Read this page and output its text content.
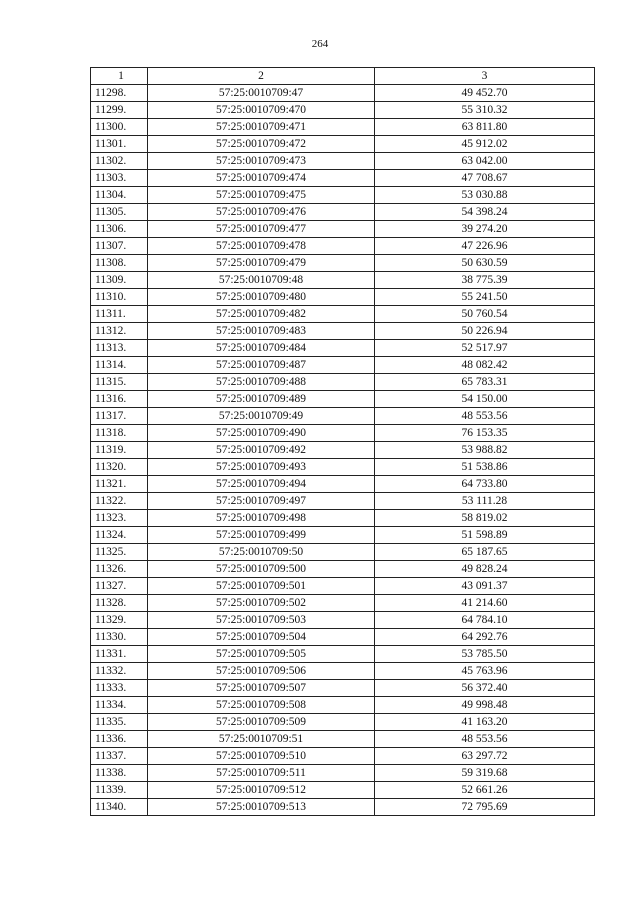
264
1	2	3
11298.	57:25:0010709:47	49 452.70
11299.	57:25:0010709:470	55 310.32
11300.	57:25:0010709:471	63 811.80
11301.	57:25:0010709:472	45 912.02
11302.	57:25:0010709:473	63 042.00
11303.	57:25:0010709:474	47 708.67
11304.	57:25:0010709:475	53 030.88
11305.	57:25:0010709:476	54 398.24
11306.	57:25:0010709:477	39 274.20
11307.	57:25:0010709:478	47 226.96
11308.	57:25:0010709:479	50 630.59
11309.	57:25:0010709:48	38 775.39
11310.	57:25:0010709:480	55 241.50
11311.	57:25:0010709:482	50 760.54
11312.	57:25:0010709:483	50 226.94
11313.	57:25:0010709:484	52 517.97
11314.	57:25:0010709:487	48 082.42
11315.	57:25:0010709:488	65 783.31
11316.	57:25:0010709:489	54 150.00
11317.	57:25:0010709:49	48 553.56
11318.	57:25:0010709:490	76 153.35
11319.	57:25:0010709:492	53 988.82
11320.	57:25:0010709:493	51 538.86
11321.	57:25:0010709:494	64 733.80
11322.	57:25:0010709:497	53 111.28
11323.	57:25:0010709:498	58 819.02
11324.	57:25:0010709:499	51 598.89
11325.	57:25:0010709:50	65 187.65
11326.	57:25:0010709:500	49 828.24
11327.	57:25:0010709:501	43 091.37
11328.	57:25:0010709:502	41 214.60
11329.	57:25:0010709:503	64 784.10
11330.	57:25:0010709:504	64 292.76
11331.	57:25:0010709:505	53 785.50
11332.	57:25:0010709:506	45 763.96
11333.	57:25:0010709:507	56 372.40
11334.	57:25:0010709:508	49 998.48
11335.	57:25:0010709:509	41 163.20
11336.	57:25:0010709:51	48 553.56
11337.	57:25:0010709:510	63 297.72
11338.	57:25:0010709:511	59 319.68
11339.	57:25:0010709:512	52 661.26
11340.	57:25:0010709:513	72 795.69
